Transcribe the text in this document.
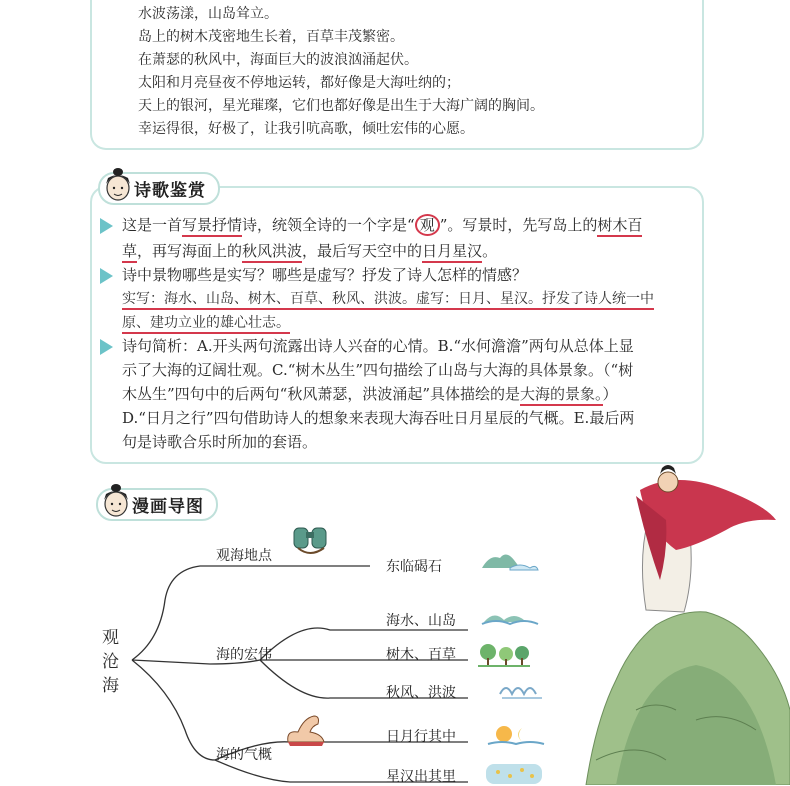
水波荡漾，山岛耸立。
岛上的树木茂密地生长着，百草丰茂繁密。
在萧瑟的秋风中，海面巨大的波浪汹涌起伏。
太阳和月亮昼夜不停地运转，都好像是大海吐纳的；
天上的银河，星光璀璨，它们也都好像是出生于大海广阔的胸间。
幸运得很，好极了，让我引吭高歌，倾吐宏伟的心愿。
诗歌鉴赏
这是一首写景抒情诗，统领全诗的一个字是“ 观 ”。写景时，先写岛上的树木百
草，再写海面上的秋风洪波，最后写天空中的日月星汉。
诗中景物哪些是实写？哪些是虚写？抒发了诗人怎样的情感？
实写：海水、山岛、树木、百草、秋风、洪波。虚写：日月、星汉。抒发了诗人统一中
原、建功立业的雄心壮志。
诗句简析：A.开头两句流露出诗人兴奋的心情。B.“水何澹澹”两句从总体上显
示了大海的辽阔壮观。C.“树木丛生”四句描绘了山岛与大海的具体景象。（“树
木丛生”四句中的后两句“秋风萧瑟，洪波涌起”具体描绘的是大海的景象。）
D.“日月之行”四句借助诗人的想象来表现大海吞吐日月星辰的气概。E.最后两
句是诗歌合乐时所加的套语。
漫画导图
观
沧
海
观海地点
海的宏伟
海的气概
东临碣石
海水、山岛
树木、百草
秋风、洪波
日月行其中
星汉出其里
